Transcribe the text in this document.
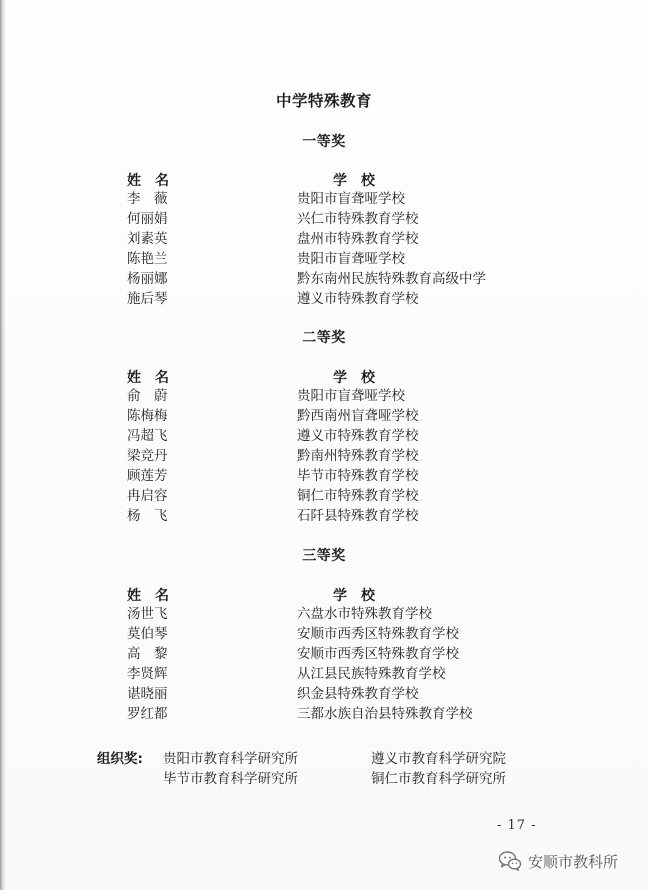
中学特殊教育
一等奖
姓　名	学　校
李　薇	贵阳市盲聋哑学校
何丽娟	兴仁市特殊教育学校
刘素英	盘州市特殊教育学校
陈艳兰	贵阳市盲聋哑学校
杨丽娜	黔东南州民族特殊教育高级中学
施后琴	遵义市特殊教育学校
二等奖
姓　名	学　校
俞　蔚	贵阳市盲聋哑学校
陈梅梅	黔西南州盲聋哑学校
冯超飞	遵义市特殊教育学校
梁竞丹	黔南州特殊教育学校
顾莲芳	毕节市特殊教育学校
冉启容	铜仁市特殊教育学校
杨　飞	石阡县特殊教育学校
三等奖
姓　名	学　校
汤世飞	六盘水市特殊教育学校
莫伯琴	安顺市西秀区特殊教育学校
高　黎	安顺市西秀区特殊教育学校
李贤辉	从江县民族特殊教育学校
谌晓丽	织金县特殊教育学校
罗红都	三都水族自治县特殊教育学校
组织奖: 贵阳市教育科学研究所	遵义市教育科学研究院
毕节市教育科学研究所	铜仁市教育科学研究所
- 17 -
安顺市教科所
